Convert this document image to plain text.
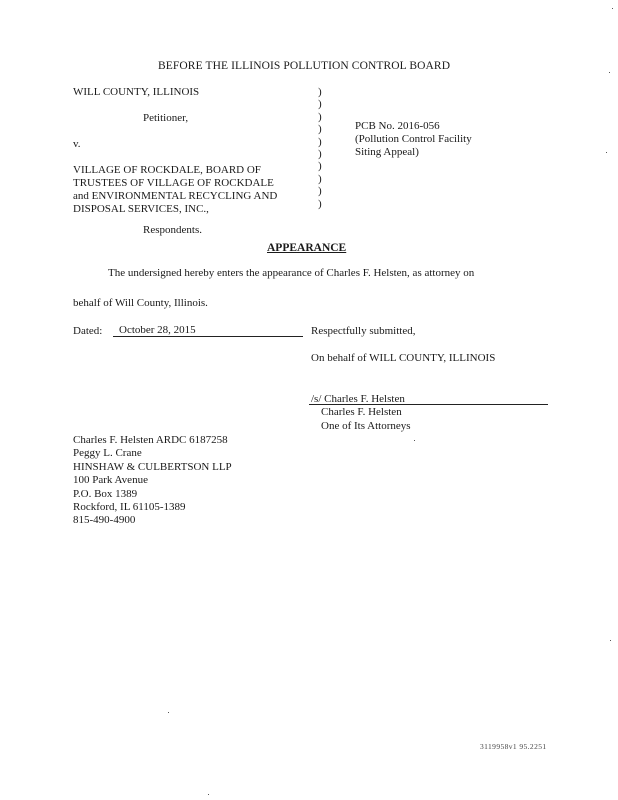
BEFORE THE ILLINOIS POLLUTION CONTROL BOARD
WILL COUNTY, ILLINOIS
Petitioner,
v.
VILLAGE OF ROCKDALE, BOARD OF
TRUSTEES OF VILLAGE OF ROCKDALE
and ENVIRONMENTAL RECYCLING AND
DISPOSAL SERVICES, INC.,
Respondents.
)
)
)
)
)
)
)
)
)
)
PCB No. 2016-056
(Pollution Control Facility
Siting Appeal)
APPEARANCE
The undersigned hereby enters the appearance of Charles F. Helsten, as attorney on
behalf of Will County, Illinois.
Dated: October 28, 2015	Respectfully submitted,
On behalf of WILL COUNTY, ILLINOIS
/s/ Charles F. Helsten
Charles F. Helsten
One of Its Attorneys
Charles F. Helsten ARDC 6187258
Peggy L. Crane
HINSHAW & CULBERTSON LLP
100 Park Avenue
P.O. Box 1389
Rockford, IL 61105-1389
815-490-4900
3119958v1 95.2251
